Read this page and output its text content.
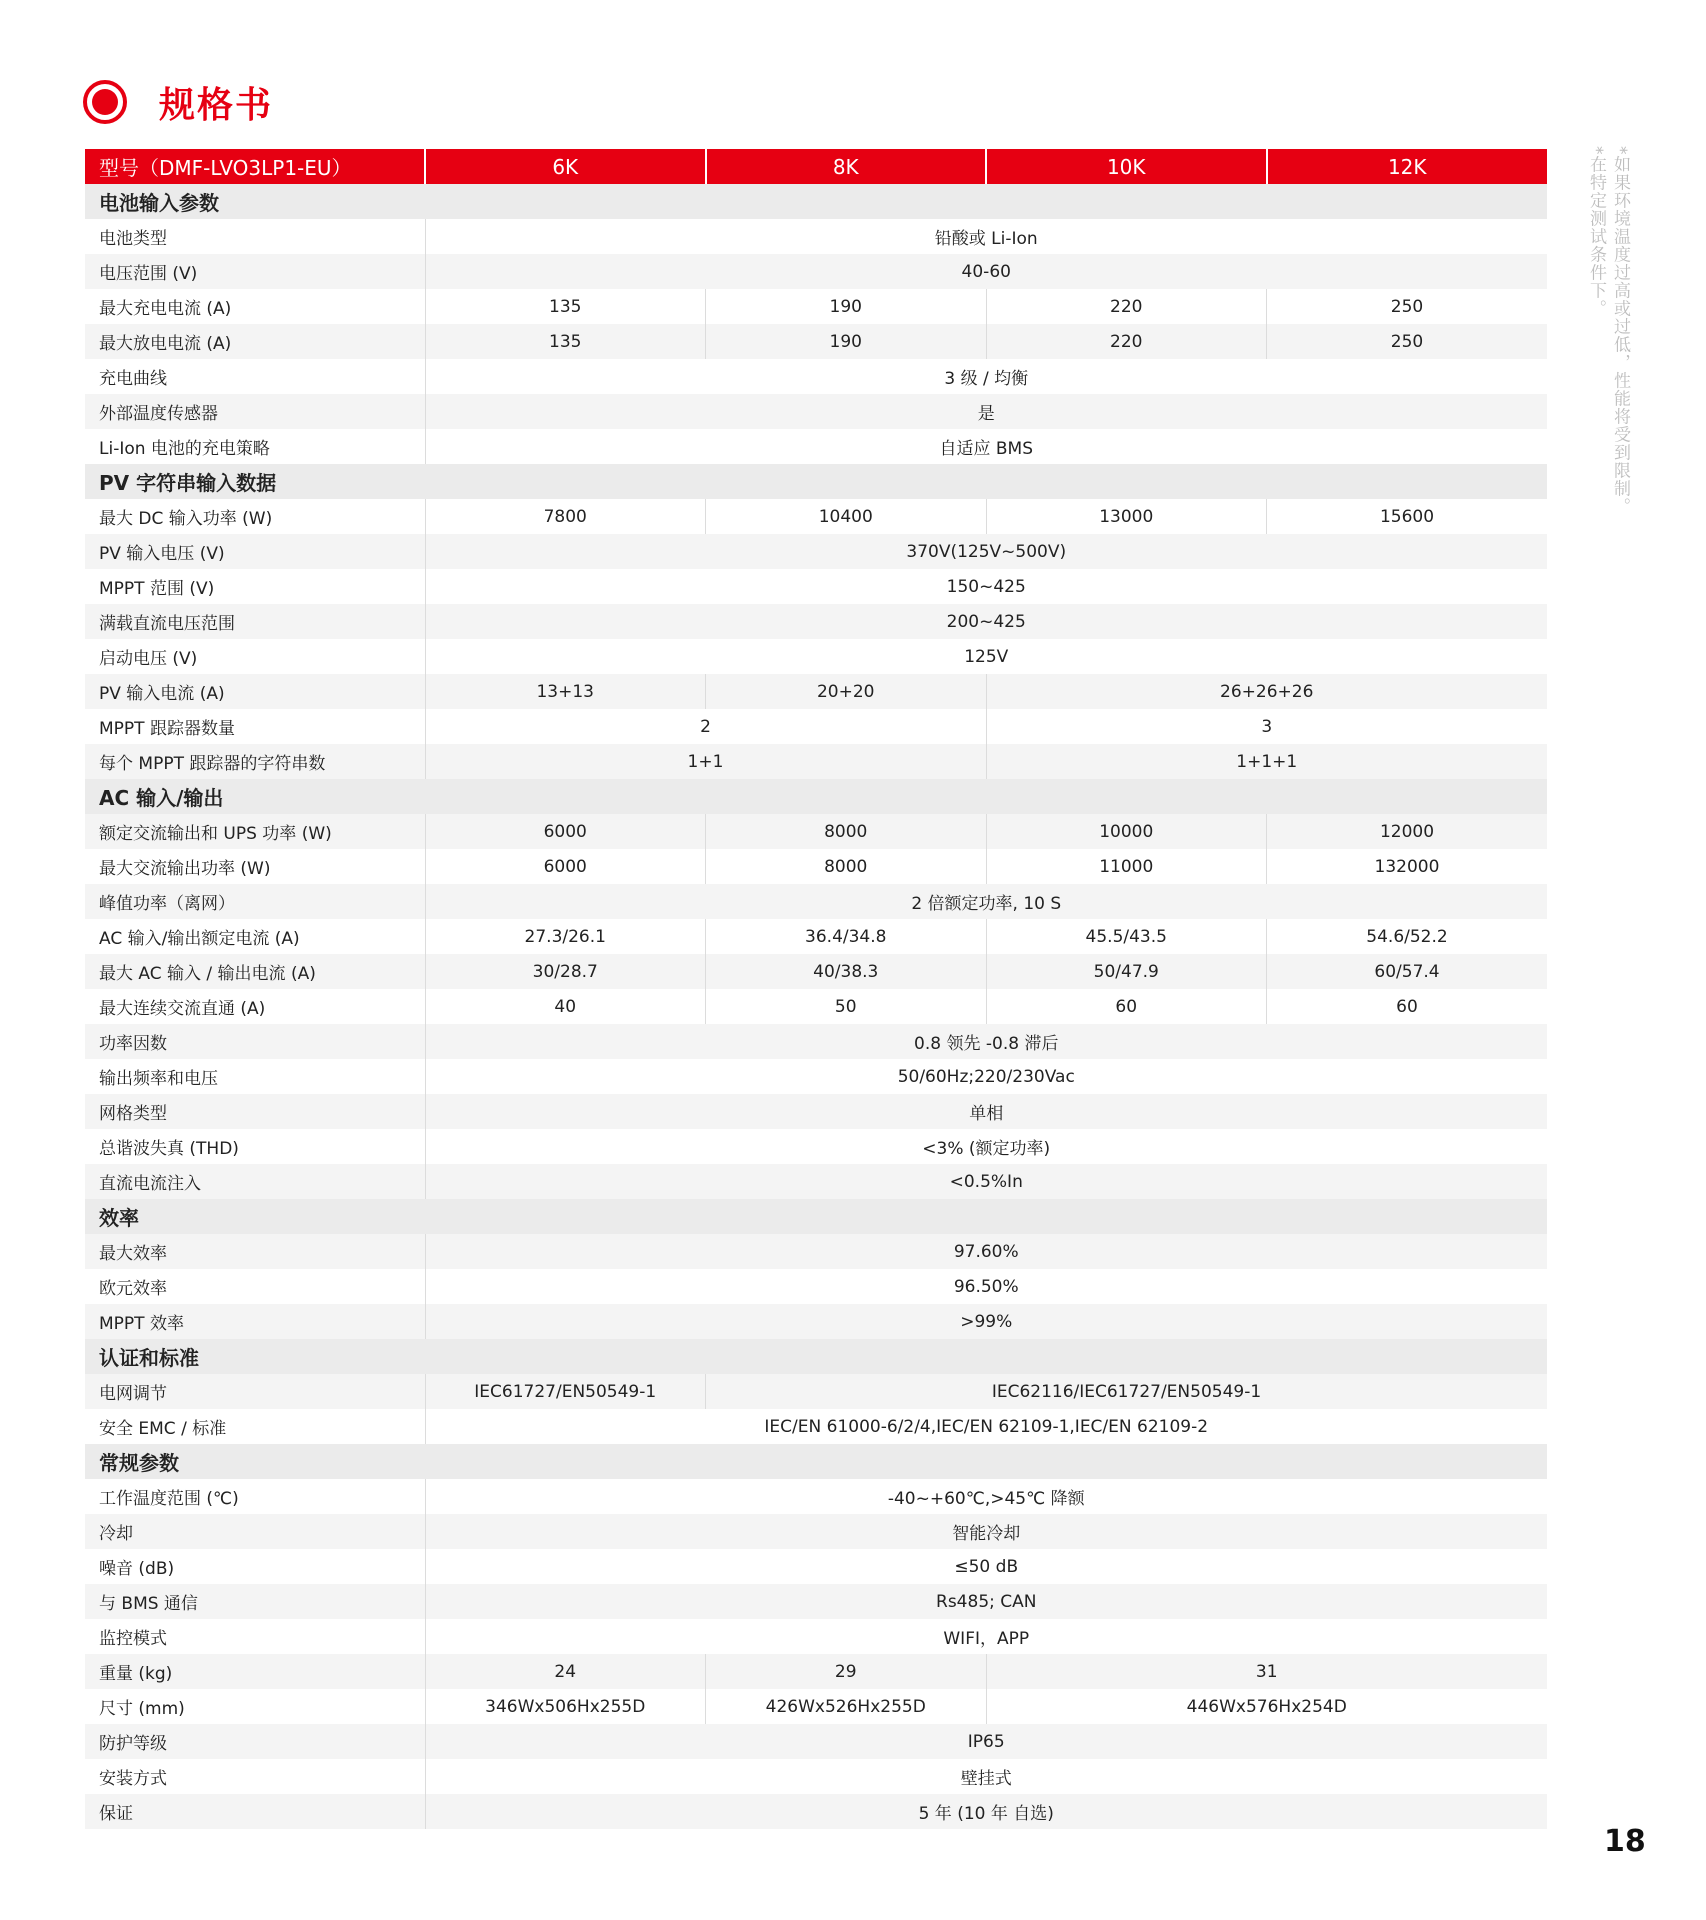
规格书
型号（DMF-LVO3LP1-EU）	6K	8K	10K	12K
电池输入参数				
电池类型	铅酸或 Li-Ion			
电压范围 (V)	40-60			
最大充电电流 (A)	135	190	220	250
最大放电电流 (A)	135	190	220	250
充电曲线	3 级 / 均衡			
外部温度传感器	是			
Li-Ion 电池的充电策略	自适应 BMS			
PV 字符串输入数据				
最大 DC 输入功率 (W)	7800	10400	13000	15600
PV 输入电压 (V)	370V(125V~500V)			
MPPT 范围 (V)	150~425			
满载直流电压范围	200~425			
启动电压 (V)	125V			
PV 输入电流 (A)	13+13	20+20	26+26+26	
MPPT 跟踪器数量	2		3	
每个 MPPT 跟踪器的字符串数	1+1		1+1+1	
AC 输入/输出				
额定交流输出和 UPS 功率 (W)	6000	8000	10000	12000
最大交流输出功率 (W)	6000	8000	11000	132000
峰值功率（离网）	2 倍额定功率, 10 S			
AC 输入/输出额定电流 (A)	27.3/26.1	36.4/34.8	45.5/43.5	54.6/52.2
最大 AC 输入 / 输出电流 (A)	30/28.7	40/38.3	50/47.9	60/57.4
最大连续交流直通 (A)	40	50	60	60
功率因数	0.8 领先 -0.8 滞后			
输出频率和电压	50/60Hz;220/230Vac			
网格类型	单相			
总谐波失真 (THD)	<3% (额定功率)			
直流电流注入	<0.5%In			
效率				
最大效率	97.60%			
欧元效率	96.50%			
MPPT 效率	>99%			
认证和标准				
电网调节	IEC61727/EN50549-1	IEC62116/IEC61727/EN50549-1		
安全 EMC / 标准	IEC/EN 61000-6/2/4,IEC/EN 62109-1,IEC/EN 62109-2			
常规参数				
工作温度范围 (℃)	-40~+60℃,>45℃ 降额			
冷却	智能冷却			
噪音 (dB)	≤50 dB			
与 BMS 通信	Rs485; CAN			
监控模式	WIFI，APP			
重量 (kg)	24	29	31	
尺寸 (mm)	346Wx506Hx255D	426Wx526Hx255D	446Wx576Hx254D	
防护等级	IP65			
安装方式	壁挂式			
保证	5 年 (10 年 自选)			
*如果环境温度过高或过低，性能将受到限制。
*在特定测试条件下。
18
